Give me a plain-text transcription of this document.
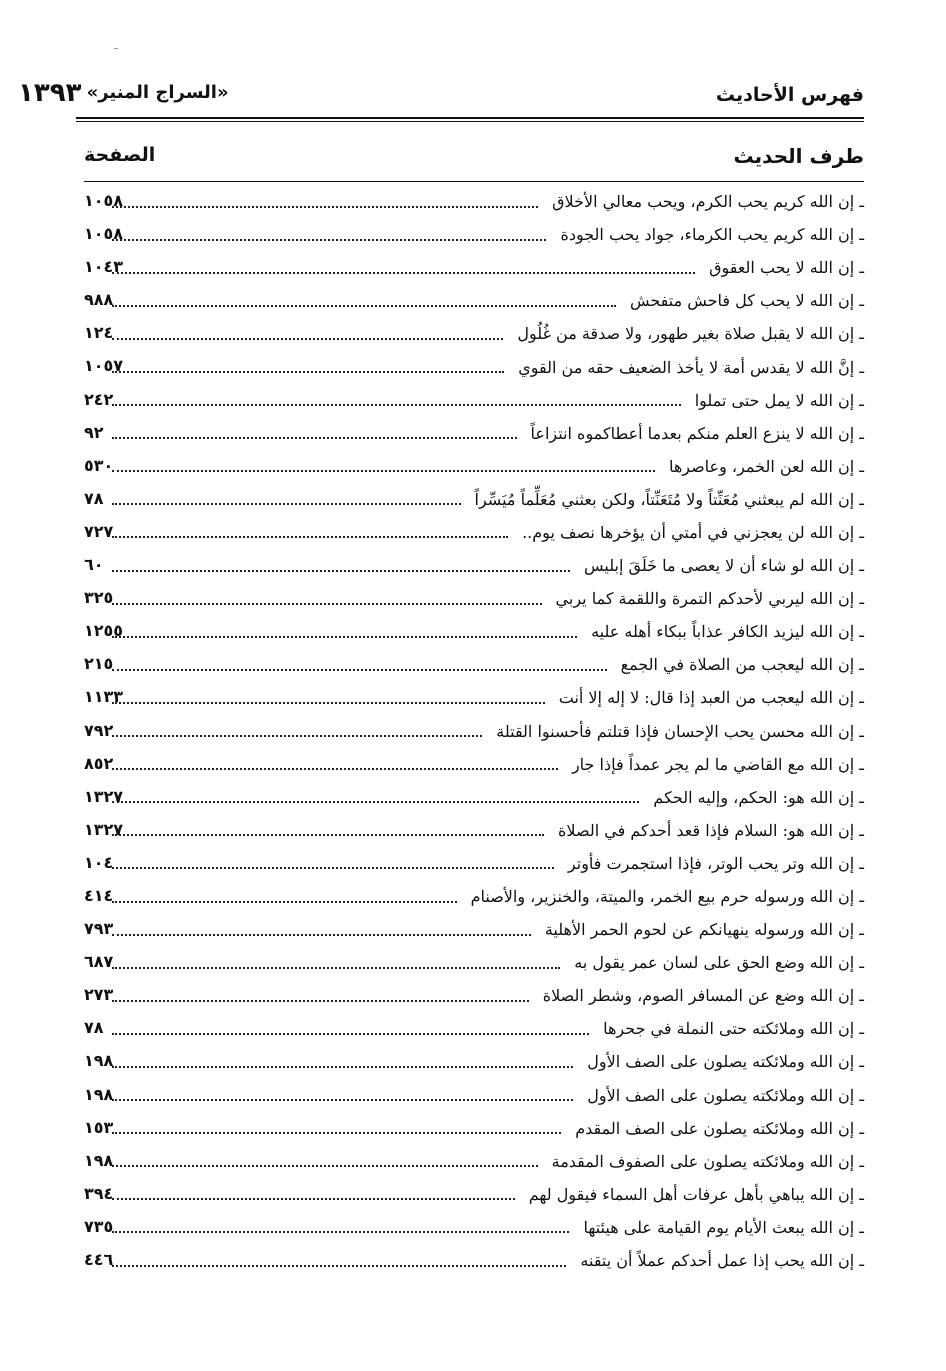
فهرس الأحاديث
«السراج المنير» ١٣٩٣
طرف الحديث
الصفحة
ـ إن الله كريم يحب الكرم، ويحب معالي الأخلاق
١٠٥٨
ـ إن الله كريم يحب الكرماء، جواد يحب الجودة
١٠٥٨
ـ إن الله لا يحب العقوق
١٠٤٣
ـ إن الله لا يحب كل فاحش متفحش
٩٨٨
ـ إن الله لا يقبل صلاة بغير طهور، ولا صدقة من غُلُول
١٢٤
ـ إنَّ الله لا يقدس أمة لا يأخذ الضعيف حقه من القوي
١٠٥٧
ـ إن الله لا يمل حتى تملوا
٢٤٢
ـ إن الله لا ينزع العلم منكم بعدما أعطاكموه انتزاعاً
٩٢
ـ إن الله لعن الخمر، وعاصرها
٥٣٠
ـ إن الله لم يبعثني مُعَنِّتاً ولا مُتَعَنِّتاً، ولكن بعثني مُعَلِّماً مُيَسِّراً
٧٨
ـ إن الله لن يعجزني في أمتي أن يؤخرها نصف يوم..
٧٢٧
ـ إن الله لو شاء أن لا يعصى ما خَلَقَ إبليس
٦٠
ـ إن الله ليربي لأحدكم التمرة واللقمة كما يربي
٣٢٥
ـ إن الله ليزيد الكافر عذاباً ببكاء أهله عليه
١٢٥٥
ـ إن الله ليعجب من الصلاة في الجمع
٢١٥
ـ إن الله ليعجب من العبد إذا قال: لا إله إلا أنت
١١٣٣
ـ إن الله محسن يحب الإحسان فإذا قتلتم فأحسنوا القتلة
٧٩٢
ـ إن الله مع القاضي ما لم يجر عمداً فإذا جار
٨٥٢
ـ إن الله هو: الحكم، وإليه الحكم
١٣٢٧
ـ إن الله هو: السلام فإذا قعد أحدكم في الصلاة
١٣٢٧
ـ إن الله وتر يحب الوتر، فإذا استجمرت فأوتر
١٠٤
ـ إن الله ورسوله حرم بيع الخمر، والميتة، والخنزير، والأصنام
٤١٤
ـ إن الله ورسوله ينهيانكم عن لحوم الحمر الأهلية
٧٩٣
ـ إن الله وضع الحق على لسان عمر يقول به
٦٨٧
ـ إن الله وضع عن المسافر الصوم، وشطر الصلاة
٢٧٣
ـ إن الله وملائكته حتى النملة في جحرها
٧٨
ـ إن الله وملائكته يصلون على الصف الأول
١٩٨
ـ إن الله وملائكته يصلون على الصف الأول
١٩٨
ـ إن الله وملائكته يصلون على الصف المقدم
١٥٣
ـ إن الله وملائكته يصلون على الصفوف المقدمة
١٩٨
ـ إن الله يباهي بأهل عرفات أهل السماء فيقول لهم
٣٩٤
ـ إن الله يبعث الأيام يوم القيامة على هيئتها
٧٣٥
ـ إن الله يحب إذا عمل أحدكم عملاً أن يتقنه
٤٤٦
